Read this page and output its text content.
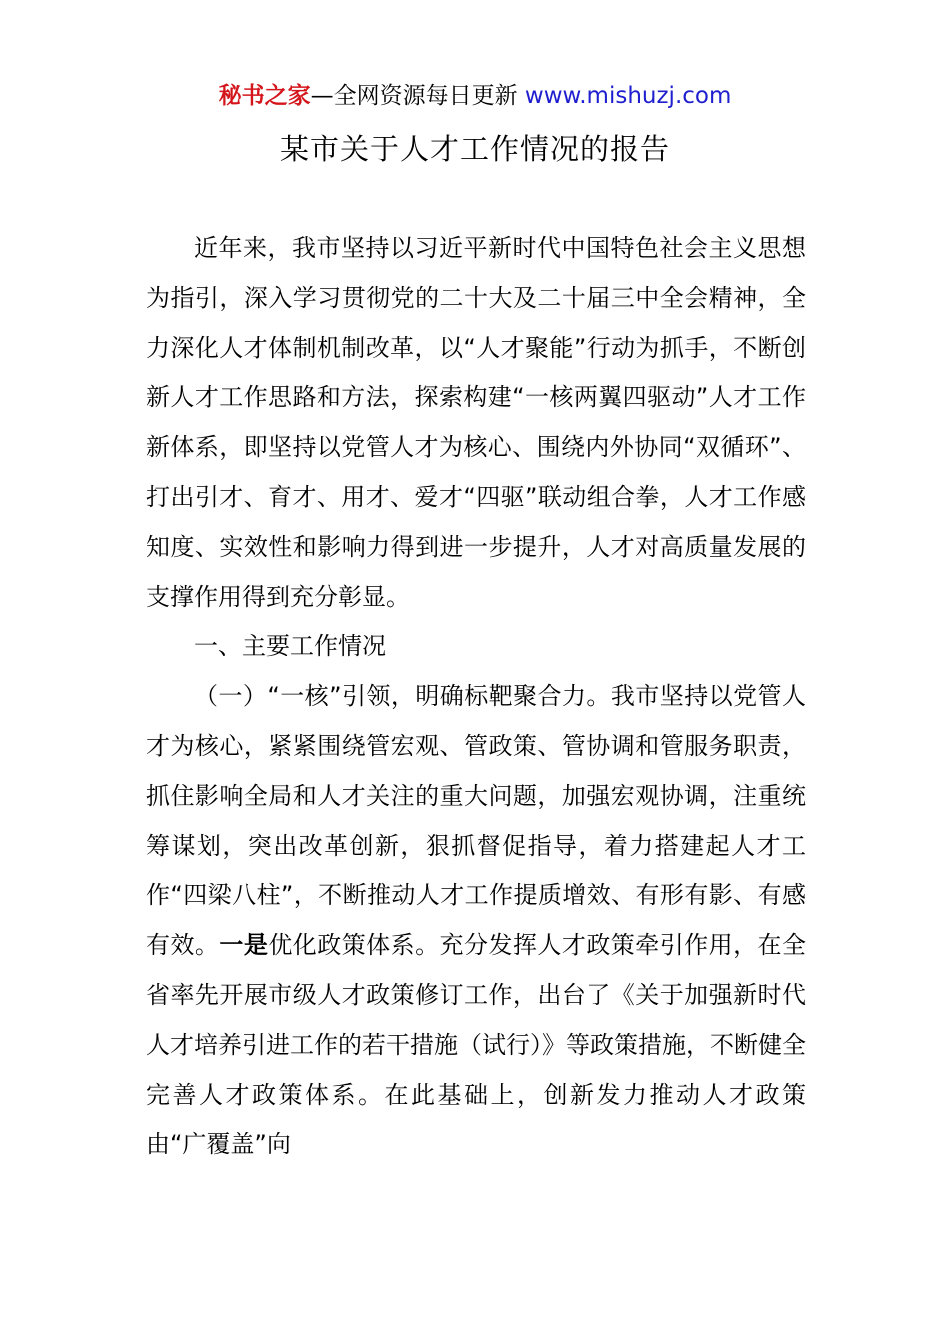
秘书之家—全网资源每日更新 www.mishuzj.com
某市关于人才工作情况的报告

近年来，我市坚持以习近平新时代中国特色社会主义思想为指引，深入学习贯彻党的二十大及二十届三中全会精神，全力深化人才体制机制改革，以“人才聚能”行动为抓手，不断创新人才工作思路和方法，探索构建“一核两翼四驱动”人才工作新体系，即坚持以党管人才为核心、围绕内外协同“双循环”、打出引才、育才、用才、爱才“四驱”联动组合拳，人才工作感知度、实效性和影响力得到进一步提升，人才对高质量发展的支撑作用得到充分彰显。

一、主要工作情况

（一）“一核”引领，明确标靶聚合力。我市坚持以党管人才为核心，紧紧围绕管宏观、管政策、管协调和管服务职责，抓住影响全局和人才关注的重大问题，加强宏观协调，注重统筹谋划，突出改革创新，狠抓督促指导，着力搭建起人才工作“四梁八柱”，不断推动人才工作提质增效、有形有影、有感有效。一是优化政策体系。充分发挥人才政策牵引作用，在全省率先开展市级人才政策修订工作，出台了《关于加强新时代人才培养引进工作的若干措施（试行）》等政策措施，不断健全完善人才政策体系。在此基础上，创新发力推动人才政策由“广覆盖”向
